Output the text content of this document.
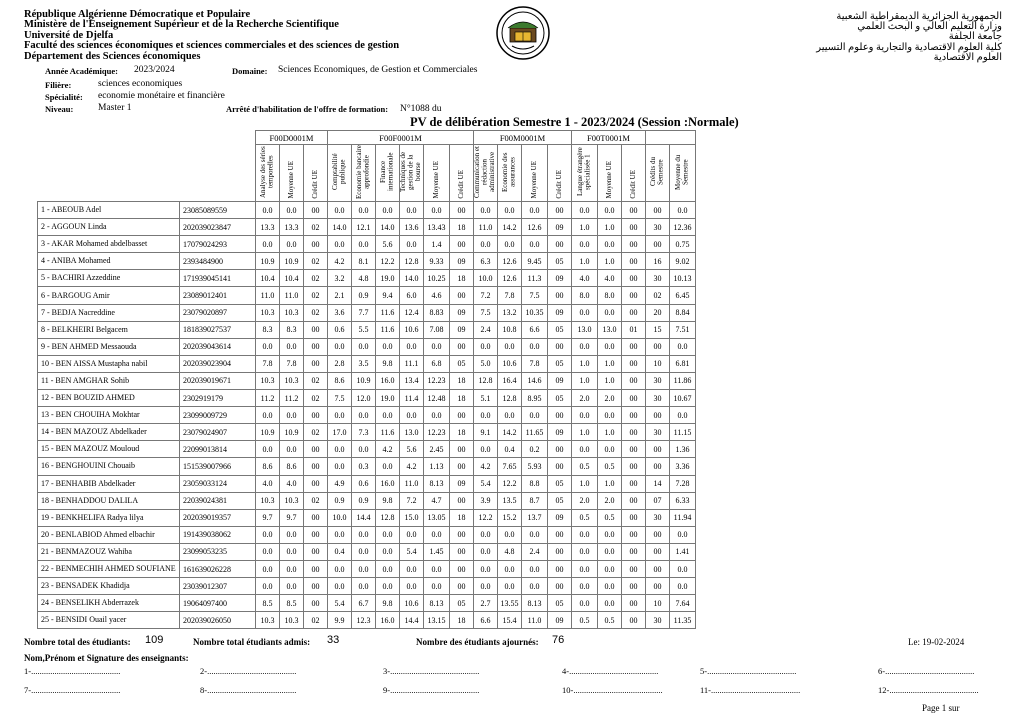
République Algérienne Démocratique et Populaire
Ministère de l'Enseignement Supérieur et de la Recherche Scientifique
Université de Djelfa
Faculté des sciences économiques et sciences commerciales et des sciences de gestion
Département des Sciences économiques
الجمهورية الجزائرية الديمقراطية الشعبية
وزارة التعليم العالي و البحث العلمي
جامعة الجلفة
كلية العلوم الاقتصادية والتجارية وعلوم التسيير
العلوم الاقتصادية
Année Académique: 2023/2024	Domaine: Sciences Economiques, de Gestion et Commerciales
Filière:	sciences economiques
Spécialité: economie monétaire et financière
Niveau:	Master 1	Arrêté d'habilitation de l'offre de formation: N°1088 du
PV de délibération Semestre 1 - 2023/2024 (Session :Normale)
		F00D0001M			F00F0001M						F00M0001M				F00T0001M				
		Analyse des séries temporelles	Moyenne UE	Crédit UE	Comptabilité publique	Economie bancaire approfondie	Finance internationale	Techniques de gestion de la bourse	Moyenne UE	Crédit UE	Communication et rédaction administrative	Economie des assurances	Moyenne UE	Crédit UE	Langue étrangère spécialisée 1	Moyenne UE	Crédit UE	Crédits du Semestre	Moyenne du Semestre
1 - ABEOUB Adel	23085089559	0.0	0.0	00	0.0	0.0	0.0	0.0	0.0	00	0.0	0.0	0.0	00	0.0	0.0	00	00	0.0
2 - AGGOUN Linda	202039023847	13.3	13.3	02	14.0	12.1	14.0	13.6	13.43	18	11.0	14.2	12.6	09	1.0	1.0	00	30	12.36
3 - AKAR Mohamed abdelbasset	17079024293	0.0	0.0	00	0.0	0.0	5.6	0.0	1.4	00	0.0	0.0	0.0	00	0.0	0.0	00	00	0.75
4 - ANIBA Mohamed	2393484900	10.9	10.9	02	4.2	8.1	12.2	12.8	9.33	09	6.3	12.6	9.45	05	1.0	1.0	00	16	9.02
5 - BACHIRI Azzeddine	171939045141	10.4	10.4	02	3.2	4.8	19.0	14.0	10.25	18	10.0	12.6	11.3	09	4.0	4.0	00	30	10.13
6 - BARGOUG Amir	23089012401	11.0	11.0	02	2.1	0.9	9.4	6.0	4.6	00	7.2	7.8	7.5	00	8.0	8.0	00	02	6.45
7 - BEDJA Nacreddine	23079020897	10.3	10.3	02	3.6	7.7	11.6	12.4	8.83	09	7.5	13.2	10.35	09	0.0	0.0	00	20	8.84
8 - BELKHEIRI Belgacem	181839027537	8.3	8.3	00	0.6	5.5	11.6	10.6	7.08	09	2.4	10.8	6.6	05	13.0	13.0	01	15	7.51
9 - BEN AHMED Messaouda	202039043614	0.0	0.0	00	0.0	0.0	0.0	0.0	0.0	00	0.0	0.0	0.0	00	0.0	0.0	00	00	0.0
10 - BEN AISSA Mustapha nabil	202039023904	7.8	7.8	00	2.8	3.5	9.8	11.1	6.8	05	5.0	10.6	7.8	05	1.0	1.0	00	10	6.81
11 - BEN AMGHAR Sohib	202039019671	10.3	10.3	02	8.6	10.9	16.0	13.4	12.23	18	12.8	16.4	14.6	09	1.0	1.0	00	30	11.86
12 - BEN BOUZID AHMED	2302919179	11.2	11.2	02	7.5	12.0	19.0	11.4	12.48	18	5.1	12.8	8.95	05	2.0	2.0	00	30	10.67
13 - BEN CHOUIHA Mokhtar	23099009729	0.0	0.0	00	0.0	0.0	0.0	0.0	0.0	00	0.0	0.0	0.0	00	0.0	0.0	00	00	0.0
14 - BEN MAZOUZ Abdelkader	23079024907	10.9	10.9	02	17.0	7.3	11.6	13.0	12.23	18	9.1	14.2	11.65	09	1.0	1.0	00	30	11.15
15 - BEN MAZOUZ Mouloud	22099013814	0.0	0.0	00	0.0	0.0	4.2	5.6	2.45	00	0.0	0.4	0.2	00	0.0	0.0	00	00	1.36
16 - BENGHOUINI Chouaib	151539007966	8.6	8.6	00	0.0	0.3	0.0	4.2	1.13	00	4.2	7.65	5.93	00	0.5	0.5	00	00	3.36
17 - BENHABIB Abdelkader	23059033124	4.0	4.0	00	4.9	0.6	16.0	11.0	8.13	09	5.4	12.2	8.8	05	1.0	1.0	00	14	7.28
18 - BENHADDOU DALILA	22039024381	10.3	10.3	02	0.9	0.9	9.8	7.2	4.7	00	3.9	13.5	8.7	05	2.0	2.0	00	07	6.33
19 - BENKHELIFA Radya lilya	202039019357	9.7	9.7	00	10.0	14.4	12.8	15.0	13.05	18	12.2	15.2	13.7	09	0.5	0.5	00	30	11.94
20 - BENLABIOD Ahmed elbachir	191439038062	0.0	0.0	00	0.0	0.0	0.0	0.0	0.0	00	0.0	0.0	0.0	00	0.0	0.0	00	00	0.0
21 - BENMAZOUZ Wahiba	23099053235	0.0	0.0	00	0.4	0.0	0.0	5.4	1.45	00	0.0	4.8	2.4	00	0.0	0.0	00	00	1.41
22 - BENMECHIH AHMED SOUFIANE	161639026228	0.0	0.0	00	0.0	0.0	0.0	0.0	0.0	00	0.0	0.0	0.0	00	0.0	0.0	00	00	0.0
23 - BENSADEK Khadidja	23039012307	0.0	0.0	00	0.0	0.0	0.0	0.0	0.0	00	0.0	0.0	0.0	00	0.0	0.0	00	00	0.0
24 - BENSELIKH Abderrazek	19064097400	8.5	8.5	00	5.4	6.7	9.8	10.6	8.13	05	2.7	13.55	8.13	05	0.0	0.0	00	10	7.64
25 - BENSIDI Ouail yacer	202039026050	10.3	10.3	02	9.9	12.3	16.0	14.4	13.15	18	6.6	15.4	11.0	09	0.5	0.5	00	30	11.35
Nombre total des étudiants: 109	Nombre total étudiants admis: 33	Nombre des étudiants ajournés: 76	Le: 19-02-2024
Nom,Prénom et Signature des enseignants:
1-..........................................	2-..........................................	3-..........................................	4-..........................................	5-..........................................	6-..........................................
7-..........................................	8-..........................................	9-..........................................	10-..........................................	11-..........................................	12-..........................................
Page 1 sur
